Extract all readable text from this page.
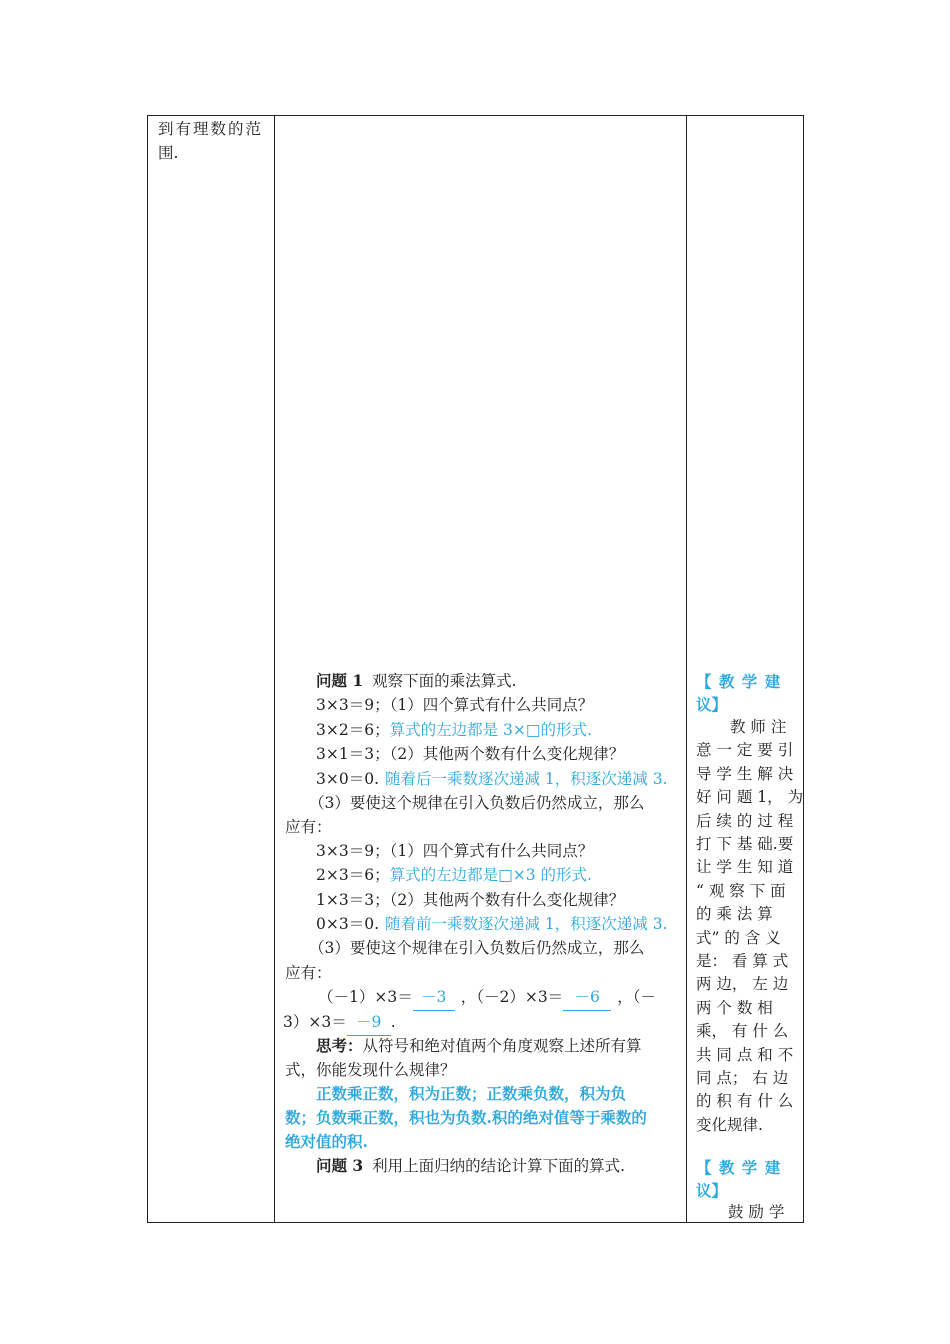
到有理数的范
围.
问题 1 观察下面的乘法算式.
3×3＝9；（1）四个算式有什么共同点？
3×2＝6；算式的左边都是 3×□的形式.
3×1＝3；（2）其他两个数有什么变化规律？
3×0＝0. 随着后一乘数逐次递减 1，积逐次递减 3.
（3）要使这个规律在引入负数后仍然成立，那么
应有：
3×3＝9；（1）四个算式有什么共同点？
2×3＝6；算式的左边都是□×3 的形式.
1×3＝3；（2）其他两个数有什么变化规律？
0×3＝0. 随着前一乘数逐次递减 1，积逐次递减 3.
（3）要使这个规律在引入负数后仍然成立，那么
应有：
（－1）×3＝ －3 ，（－2）×3＝ －6 ，（－
3）×3＝ －9 .
思考：从符号和绝对值两个角度观察上述所有算
式，你能发现什么规律？
正数乘正数，积为正数；正数乘负数，积为负
数；负数乘正数，积也为负数.积的绝对值等于乘数的
绝对值的积.
问题 3 利用上面归纳的结论计算下面的算式.
【 教 学 建
议】
教 师 注
意 一 定 要 引
导 学 生 解 决
好 问 题 1， 为
后 续 的 过 程
打 下 基 础.要
让 学 生 知 道
“ 观 察 下 面
的 乘 法 算
式” 的 含 义
是： 看 算 式
两 边， 左 边
两 个 数 相
乘， 有 什 么
共 同 点 和 不
同 点； 右 边
的 积 有 什 么
变化规律.
【 教 学 建
议】
鼓 励 学
